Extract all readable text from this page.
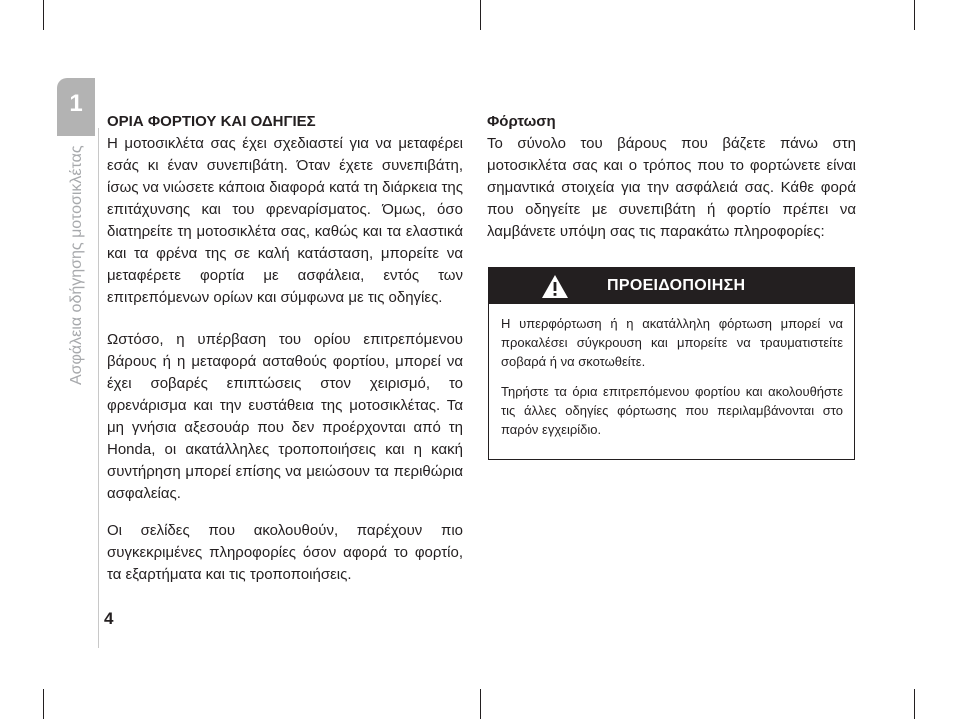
1
Ασφάλεια οδήγησης μοτοσικλέτας

ΟΡΙΑ ΦΟΡΤΙΟΥ ΚΑΙ ΟΔΗΓΙΕΣ

Η μοτοσικλέτα σας έχει σχεδιαστεί για να μεταφέρει εσάς κι έναν συνεπιβάτη. Όταν έχετε συνεπιβάτη, ίσως να νιώσετε κάποια διαφορά κατά τη διάρκεια της επιτάχυνσης και του φρεναρίσματος. Όμως, όσο διατηρείτε τη μοτοσικλέτα σας, καθώς και τα ελαστικά και τα φρένα της σε καλή κατάσταση, μπορείτε να μεταφέρετε φορτία με ασφάλεια, εντός των επιτρεπόμενων ορίων και σύμφωνα με τις οδηγίες.

Ωστόσο, η υπέρβαση του ορίου επιτρεπόμενου βάρους ή η μεταφορά ασταθούς φορτίου, μπορεί να έχει σοβαρές επιπτώσεις στον χειρισμό, το φρενάρισμα και την ευστάθεια της μοτοσικλέτας. Τα μη γνήσια αξεσουάρ που δεν προέρχονται από τη Honda, οι ακατάλληλες τροποποιήσεις και η κακή συντήρηση μπορεί επίσης να μειώσουν τα περιθώρια ασφαλείας.

Οι σελίδες που ακολουθούν, παρέχουν πιο συγκεκριμένες πληροφορίες όσον αφορά το φορτίο, τα εξαρτήματα και τις τροποποιήσεις.

Φόρτωση

Το σύνολο του βάρους που βάζετε πάνω στη μοτοσικλέτα σας και ο τρόπος που το φορτώνετε είναι σημαντικά στοιχεία για την ασφάλειά σας. Κάθε φορά που οδηγείτε με συνεπιβάτη ή φορτίο πρέπει να λαμβάνετε υπόψη σας τις παρακάτω πληροφορίες:

ΠΡΟΕΙΔΟΠΟΙΗΣΗ

Η υπερφόρτωση ή η ακατάλληλη φόρτωση μπορεί να προκαλέσει σύγκρουση και μπορείτε να τραυματιστείτε σοβαρά ή να σκοτωθείτε.

Τηρήστε τα όρια επιτρεπόμενου φορτίου και ακολουθήστε τις άλλες οδηγίες φόρτωσης που περιλαμβάνονται στο παρόν εγχειρίδιο.

4
